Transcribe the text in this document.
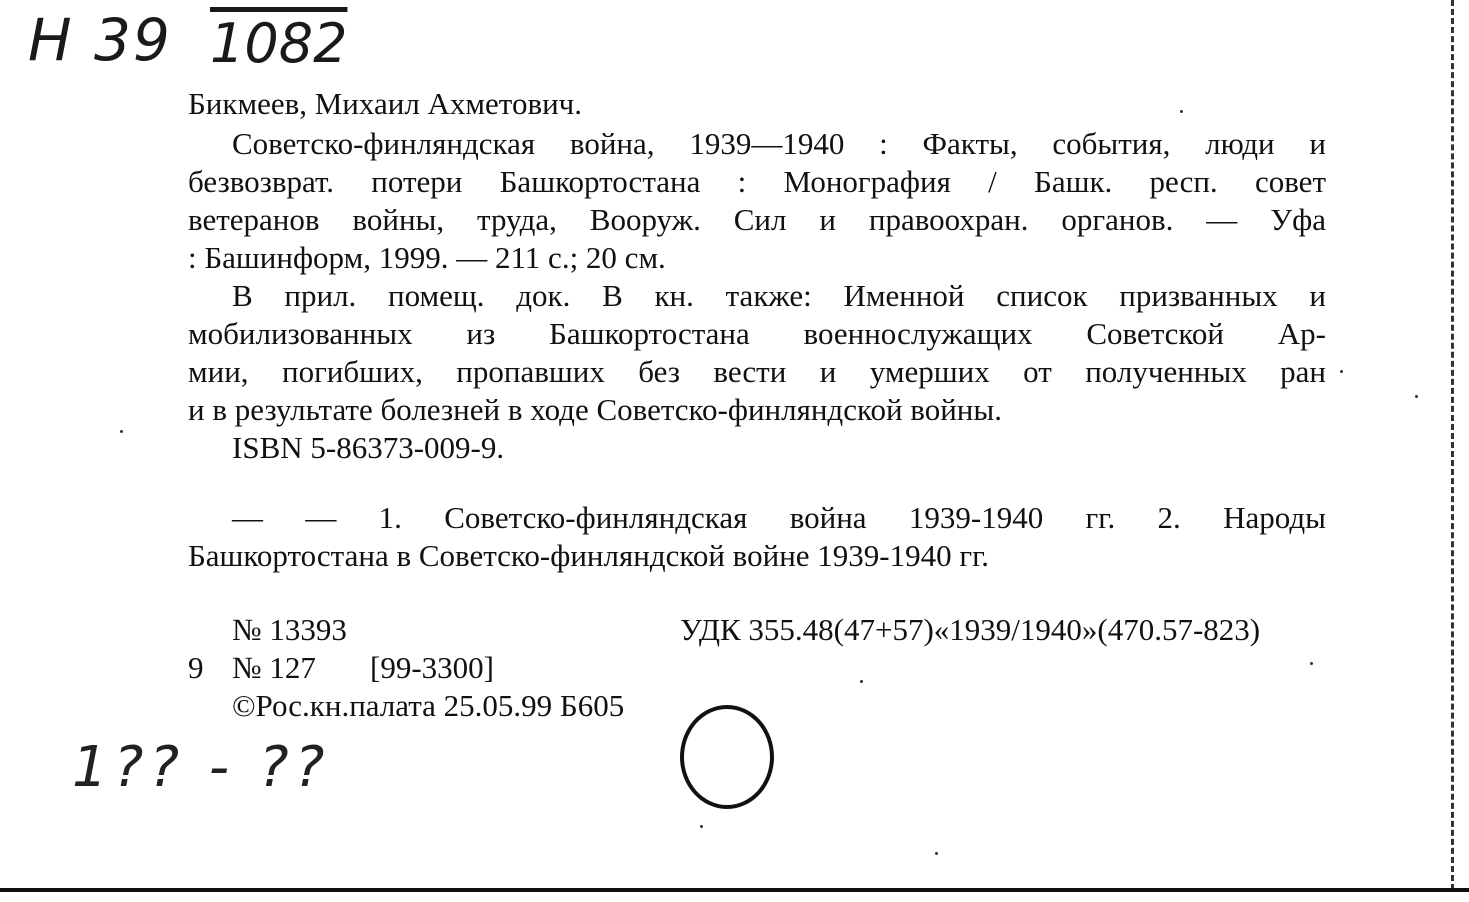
Н 39 1082
Бикмеев, Михаил Ахметович.
Советско-финляндская война, 1939—1940 : Факты, события, люди и
безвозврат. потери Башкортостана : Монография / Башк. респ. совет
ветеранов войны, труда, Вооруж. Сил и правоохран. органов. — Уфа
: Башинформ, 1999. — 211 с.; 20 см.
В прил. помещ. док. В кн. также: Именной список призванных и
мобилизованных из Башкортостана военнослужащих Советской Ар-
мии, погибших, пропавших без вести и умерших от полученных ран
и в результате болезней в ходе Советско-финляндской войны.
ISBN 5-86373-009-9.
— — 1. Советско-финляндская война 1939-1940 гг. 2. Народы
Башкортостана в Советско-финляндской войне 1939-1940 гг.
№ 13393	УДК 355.48(47+57)«1939/1940»(470.57-823)
9 № 127 [99-3300]
©Рос.кн.палата 25.05.99 Б605
1?? - ??
